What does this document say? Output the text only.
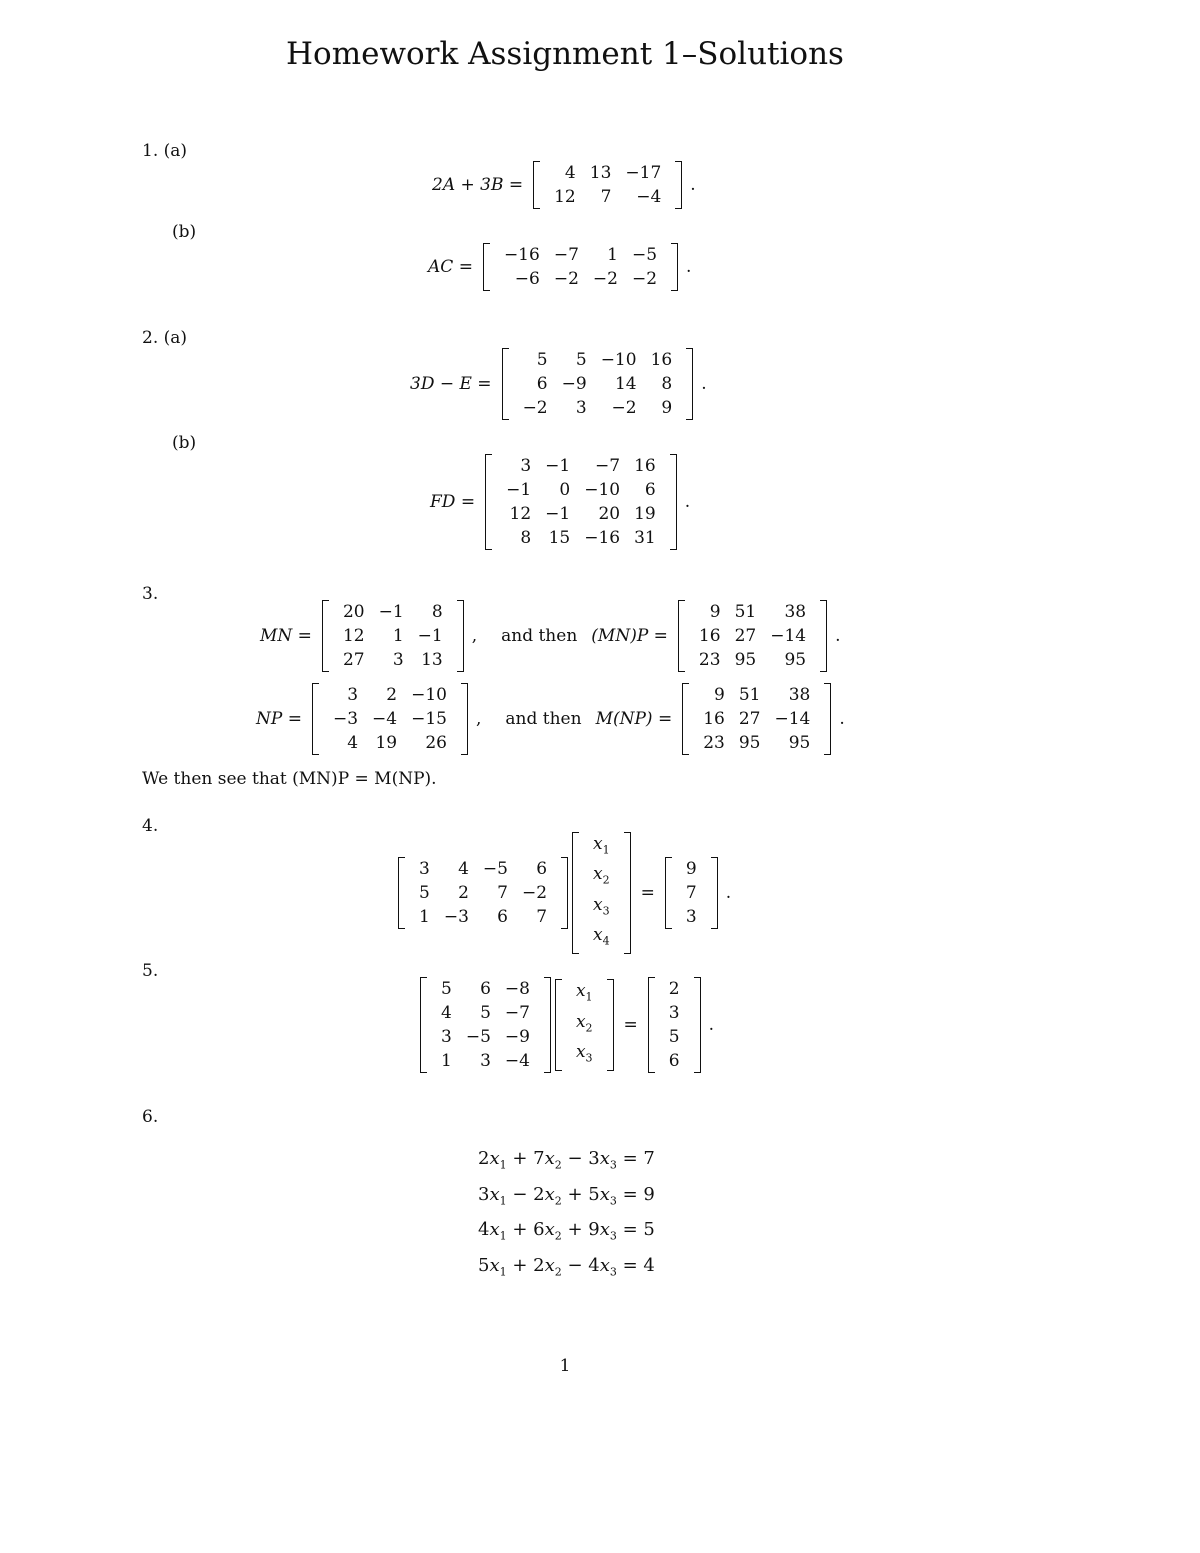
Homework Assignment 1–Solutions
1. (a)
2A + 3B =
4	13	−17
12	7	−4
.
(b)
AC =
−16	−7	1	−5
−6	−2	−2	−2
.
2. (a)
3D − E =
5	5	−10	16
6	−9	14	8
−2	3	−2	9
.
(b)
FD =
3	−1	−7	16
−1	0	−10	6
12	−1	20	19
8	15	−16	31
.
3.
MN =
20	−1	8
12	1	−1
27	3	13
, and then (MN)P =
9	51	38
16	27	−14
23	95	95
.
NP =
3	2	−10
−3	−4	−15
4	19	26
, and then M(NP) =
9	51	38
16	27	−14
23	95	95
.
We then see that (MN)P = M(NP).
4.
3	4	−5	6
5	2	7	−2
1	−3	6	7
$x_1$
$x_2$
$x_3$
$x_4$
=
9
7
3
.
5.
5	6	−8
4	5	−7
3	−5	−9
1	3	−4
$x_1$
$x_2$
$x_3$
=
2
3
5
6
.
6.
$2x_1 + 7x_2 - 3x_3 = 7$
$3x_1 - 2x_2 + 5x_3 = 9$
$4x_1 + 6x_2 + 9x_3 = 5$
$5x_1 + 2x_2 - 4x_3 = 4$
1
